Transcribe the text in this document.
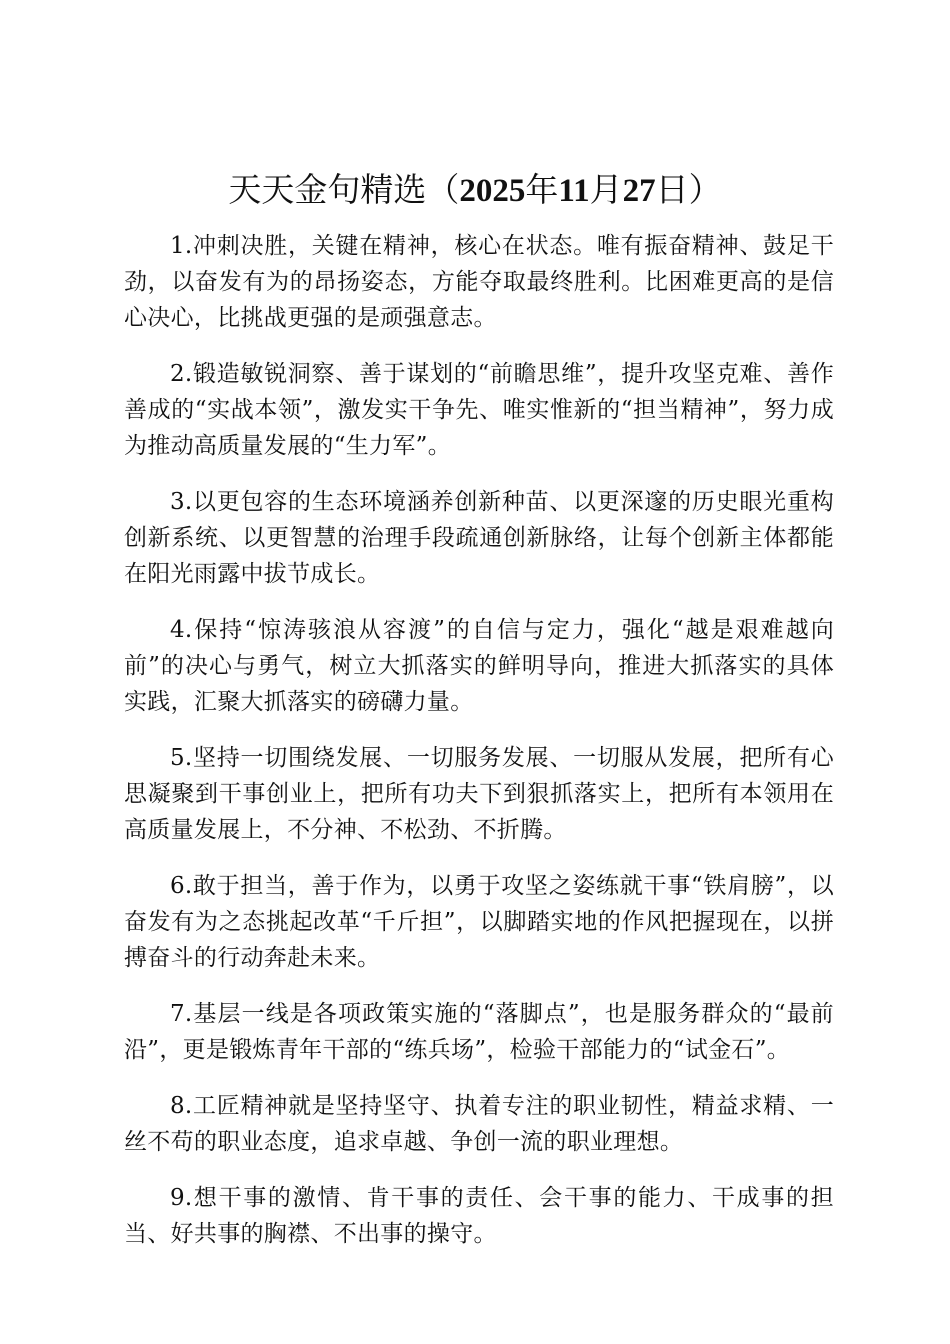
天天金句精选（2025年11月27日）

1.冲刺决胜，关键在精神，核心在状态。唯有振奋精神、鼓足干劲，以奋发有为的昂扬姿态，方能夺取最终胜利。比困难更高的是信心决心，比挑战更强的是顽强意志。

2.锻造敏锐洞察、善于谋划的“前瞻思维”，提升攻坚克难、善作善成的“实战本领”，激发实干争先、唯实惟新的“担当精神”，努力成为推动高质量发展的“生力军”。

3.以更包容的生态环境涵养创新种苗、以更深邃的历史眼光重构创新系统、以更智慧的治理手段疏通创新脉络，让每个创新主体都能在阳光雨露中拔节成长。

4.保持“惊涛骇浪从容渡”的自信与定力，强化“越是艰难越向前”的决心与勇气，树立大抓落实的鲜明导向，推进大抓落实的具体实践，汇聚大抓落实的磅礴力量。

5.坚持一切围绕发展、一切服务发展、一切服从发展，把所有心思凝聚到干事创业上，把所有功夫下到狠抓落实上，把所有本领用在高质量发展上，不分神、不松劲、不折腾。

6.敢于担当，善于作为，以勇于攻坚之姿练就干事“铁肩膀”，以奋发有为之态挑起改革“千斤担”，以脚踏实地的作风把握现在，以拼搏奋斗的行动奔赴未来。

7.基层一线是各项政策实施的“落脚点”，也是服务群众的“最前沿”，更是锻炼青年干部的“练兵场”，检验干部能力的“试金石”。

8.工匠精神就是坚持坚守、执着专注的职业韧性，精益求精、一丝不苟的职业态度，追求卓越、争创一流的职业理想。

9.想干事的激情、肯干事的责任、会干事的能力、干成事的担当、好共事的胸襟、不出事的操守。
